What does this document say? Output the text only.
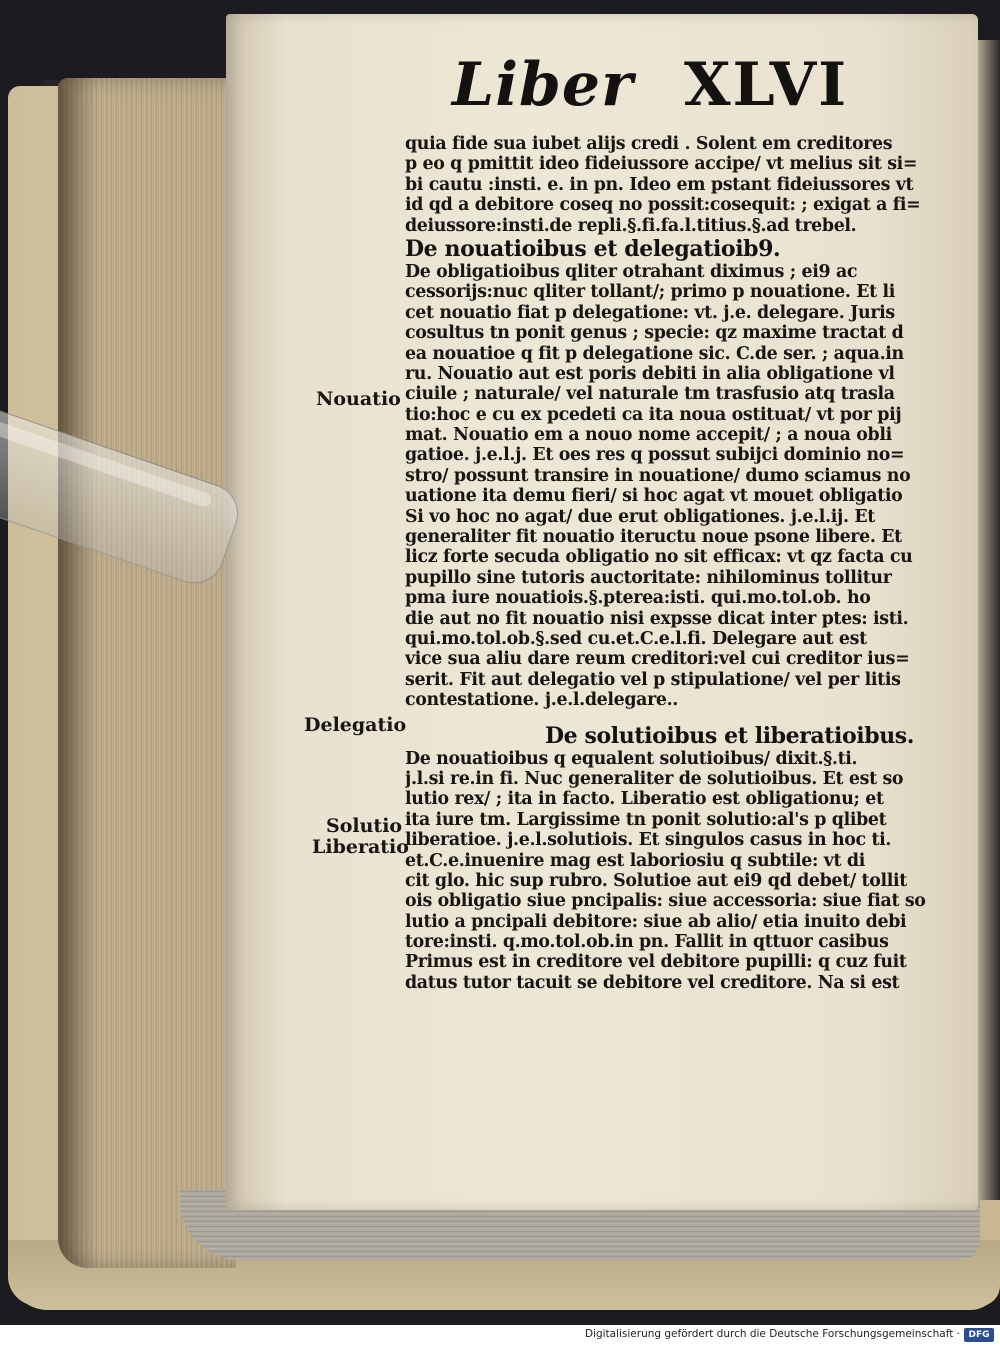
Liber XLVI
quia fide sua iubet alijs credi . Solent em creditores
p eo q pmittit ideo fideiussore accipe/ vt melius sit si=
bi cautu :insti. e. in pn. Ideo em pstant fideiussores vt
id qd a debitore coseq no possit:cosequit: ; exigat a fi=
deiussore:insti.de repli.§.fi.fa.l.titius.§.ad trebel.
De nouatioibus et delegatioib9.
De obligatioibus qliter otrahant diximus ; ei9 ac
cessorijs:nuc qliter tollant/; primo p nouatione. Et li
cet nouatio fiat p delegatione: vt. j.e. delegare. Juris
cosultus tn ponit genus ; specie: qz maxime tractat d
ea nouatioe q fit p delegatione sic. C.de ser. ; aqua.in
ru. Nouatio aut est poris debiti in alia obligatione vl
ciuile ; naturale/ vel naturale tm trasfusio atq trasla
tio:hoc e cu ex pcedeti ca ita noua ostituat/ vt por pij
mat. Nouatio em a nouo nome accepit/ ; a noua obli
gatioe. j.e.l.j. Et oes res q possut subijci dominio no=
stro/ possunt transire in nouatione/ dumo sciamus no
uatione ita demu fieri/ si hoc agat vt mouet obligatio
Si vo hoc no agat/ due erut obligationes. j.e.l.ij. Et
generaliter fit nouatio iteructu noue psone libere. Et
licz forte secuda obligatio no sit efficax: vt qz facta cu
pupillo sine tutoris auctoritate: nihilominus tollitur
pma iure nouatiois.§.pterea:isti. qui.mo.tol.ob. ho
die aut no fit nouatio nisi expsse dicat inter ptes: isti.
qui.mo.tol.ob.§.sed cu.et.C.e.l.fi. Delegare aut est
vice sua aliu dare reum creditori:vel cui creditor ius=
serit. Fit aut delegatio vel p stipulatione/ vel per litis
contestatione. j.e.l.delegare..
De solutioibus et liberatioibus.
De nouatioibus q equalent solutioibus/ dixit.§.ti.
j.l.si re.in fi. Nuc generaliter de solutioibus. Et est so
lutio rex/ ; ita in facto. Liberatio est obligationu; et
ita iure tm. Largissime tn ponit solutio:al's p qlibet
liberatioe. j.e.l.solutiois. Et singulos casus in hoc ti.
et.C.e.inuenire mag est laboriosiu q subtile: vt di
cit glo. hic sup rubro. Solutioe aut ei9 qd debet/ tollit
ois obligatio siue pncipalis: siue accessoria: siue fiat so
lutio a pncipali debitore: siue ab alio/ etia inuito debi
tore:insti. q.mo.tol.ob.in pn. Fallit in qttuor casibus
Primus est in creditore vel debitore pupilli: q cuz fuit
datus tutor tacuit se debitore vel creditore. Na si est
Nouatio
Delegatio
Solutio
Liberatio
Digitalisierung gefördert durch die Deutsche Forschungsgemeinschaft · DFG
